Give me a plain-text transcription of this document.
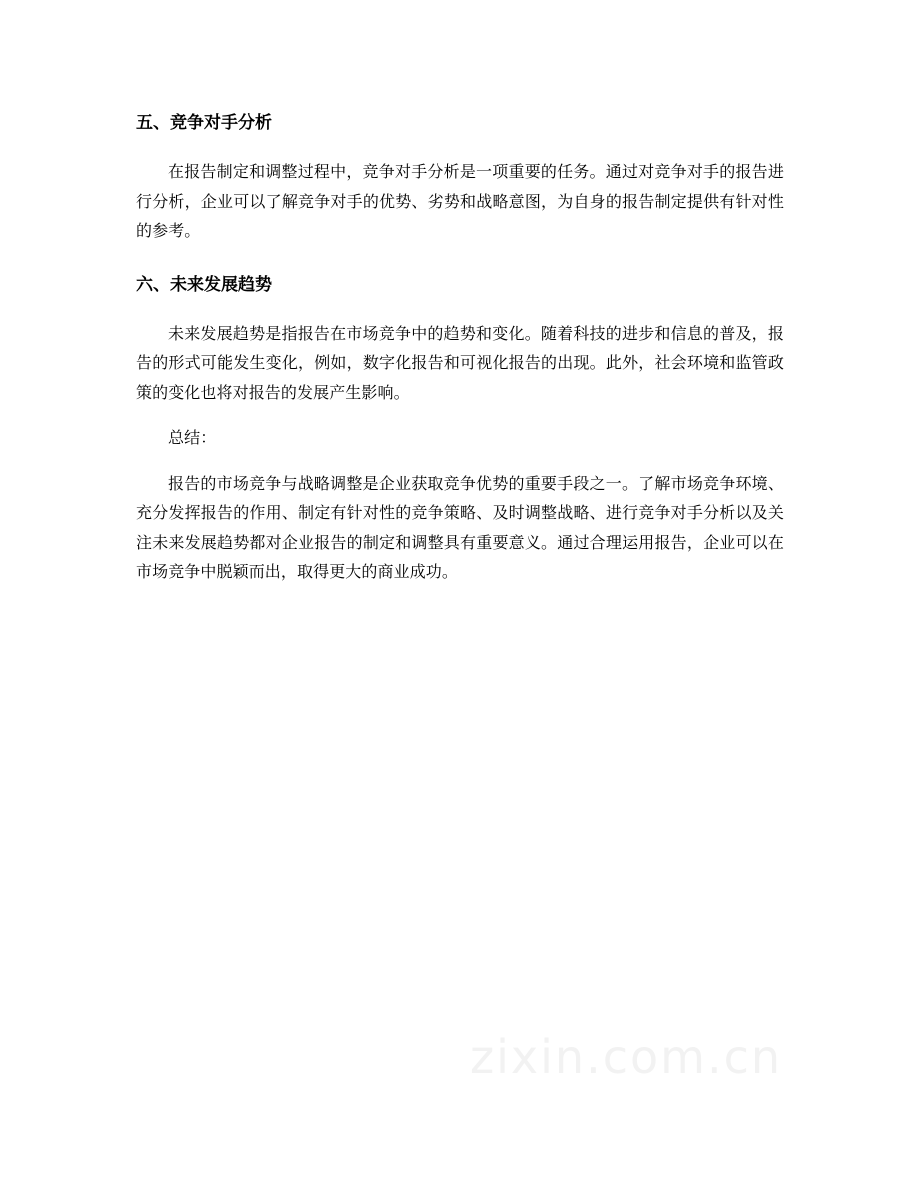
五、竞争对手分析

在报告制定和调整过程中，竞争对手分析是一项重要的任务。通过对竞争对手的报告进行分析，企业可以了解竞争对手的优势、劣势和战略意图，为自身的报告制定提供有针对性的参考。

六、未来发展趋势

未来发展趋势是指报告在市场竞争中的趋势和变化。随着科技的进步和信息的普及，报告的形式可能发生变化，例如，数字化报告和可视化报告的出现。此外，社会环境和监管政策的变化也将对报告的发展产生影响。

总结：

报告的市场竞争与战略调整是企业获取竞争优势的重要手段之一。了解市场竞争环境、充分发挥报告的作用、制定有针对性的竞争策略、及时调整战略、进行竞争对手分析以及关注未来发展趋势都对企业报告的制定和调整具有重要意义。通过合理运用报告，企业可以在市场竞争中脱颖而出，取得更大的商业成功。

zixin.com.cn
